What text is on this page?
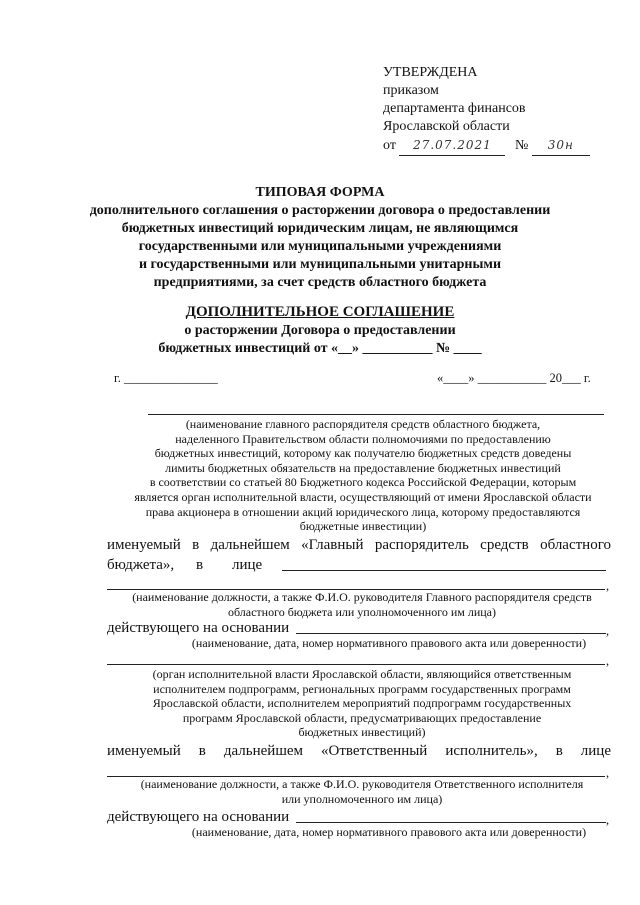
УТВЕРЖДЕНА
приказом
департамента финансов
Ярославской области
от 27.07.2021 № 30н
ТИПОВАЯ ФОРМА
дополнительного соглашения о расторжении договора о предоставлении
бюджетных инвестиций юридическим лицам, не являющимся
государственными или муниципальными учреждениями
и государственными или муниципальными унитарными
предприятиями, за счет средств областного бюджета
ДОПОЛНИТЕЛЬНОЕ СОГЛАШЕНИЕ
о расторжении Договора о предоставлении
бюджетных инвестиций от «__» __________ № ____
г. _______________	«____» ___________ 20___ г.
(наименование главного распорядителя средств областного бюджета,
наделенного Правительством области полномочиями по предоставлению
бюджетных инвестиций, которому как получателю бюджетных средств доведены
лимиты бюджетных обязательств на предоставление бюджетных инвестиций
в соответствии со статьей 80 Бюджетного кодекса Российской Федерации, которым
является орган исполнительной власти, осуществляющий от имени Ярославской области
права акционера в отношении акций юридического лица, которому предоставляются
бюджетные инвестиции)
именуемый в дальнейшем «Главный распорядитель средств областного
бюджета», в лице
,
(наименование должности, а также Ф.И.О. руководителя Главного распорядителя средств
областного бюджета или уполномоченного им лица)
действующего на основании	,
(наименование, дата, номер нормативного правового акта или доверенности)
,
(орган исполнительной власти Ярославской области, являющийся ответственным
исполнителем подпрограмм, региональных программ государственных программ
Ярославской области, исполнителем мероприятий подпрограмм государственных
программ Ярославской области, предусматривающих предоставление
бюджетных инвестиций)
именуемый в дальнейшем «Ответственный исполнитель», в лице
,
(наименование должности, а также Ф.И.О. руководителя Ответственного исполнителя
или уполномоченного им лица)
действующего на основании	,
(наименование, дата, номер нормативного правового акта или доверенности)
